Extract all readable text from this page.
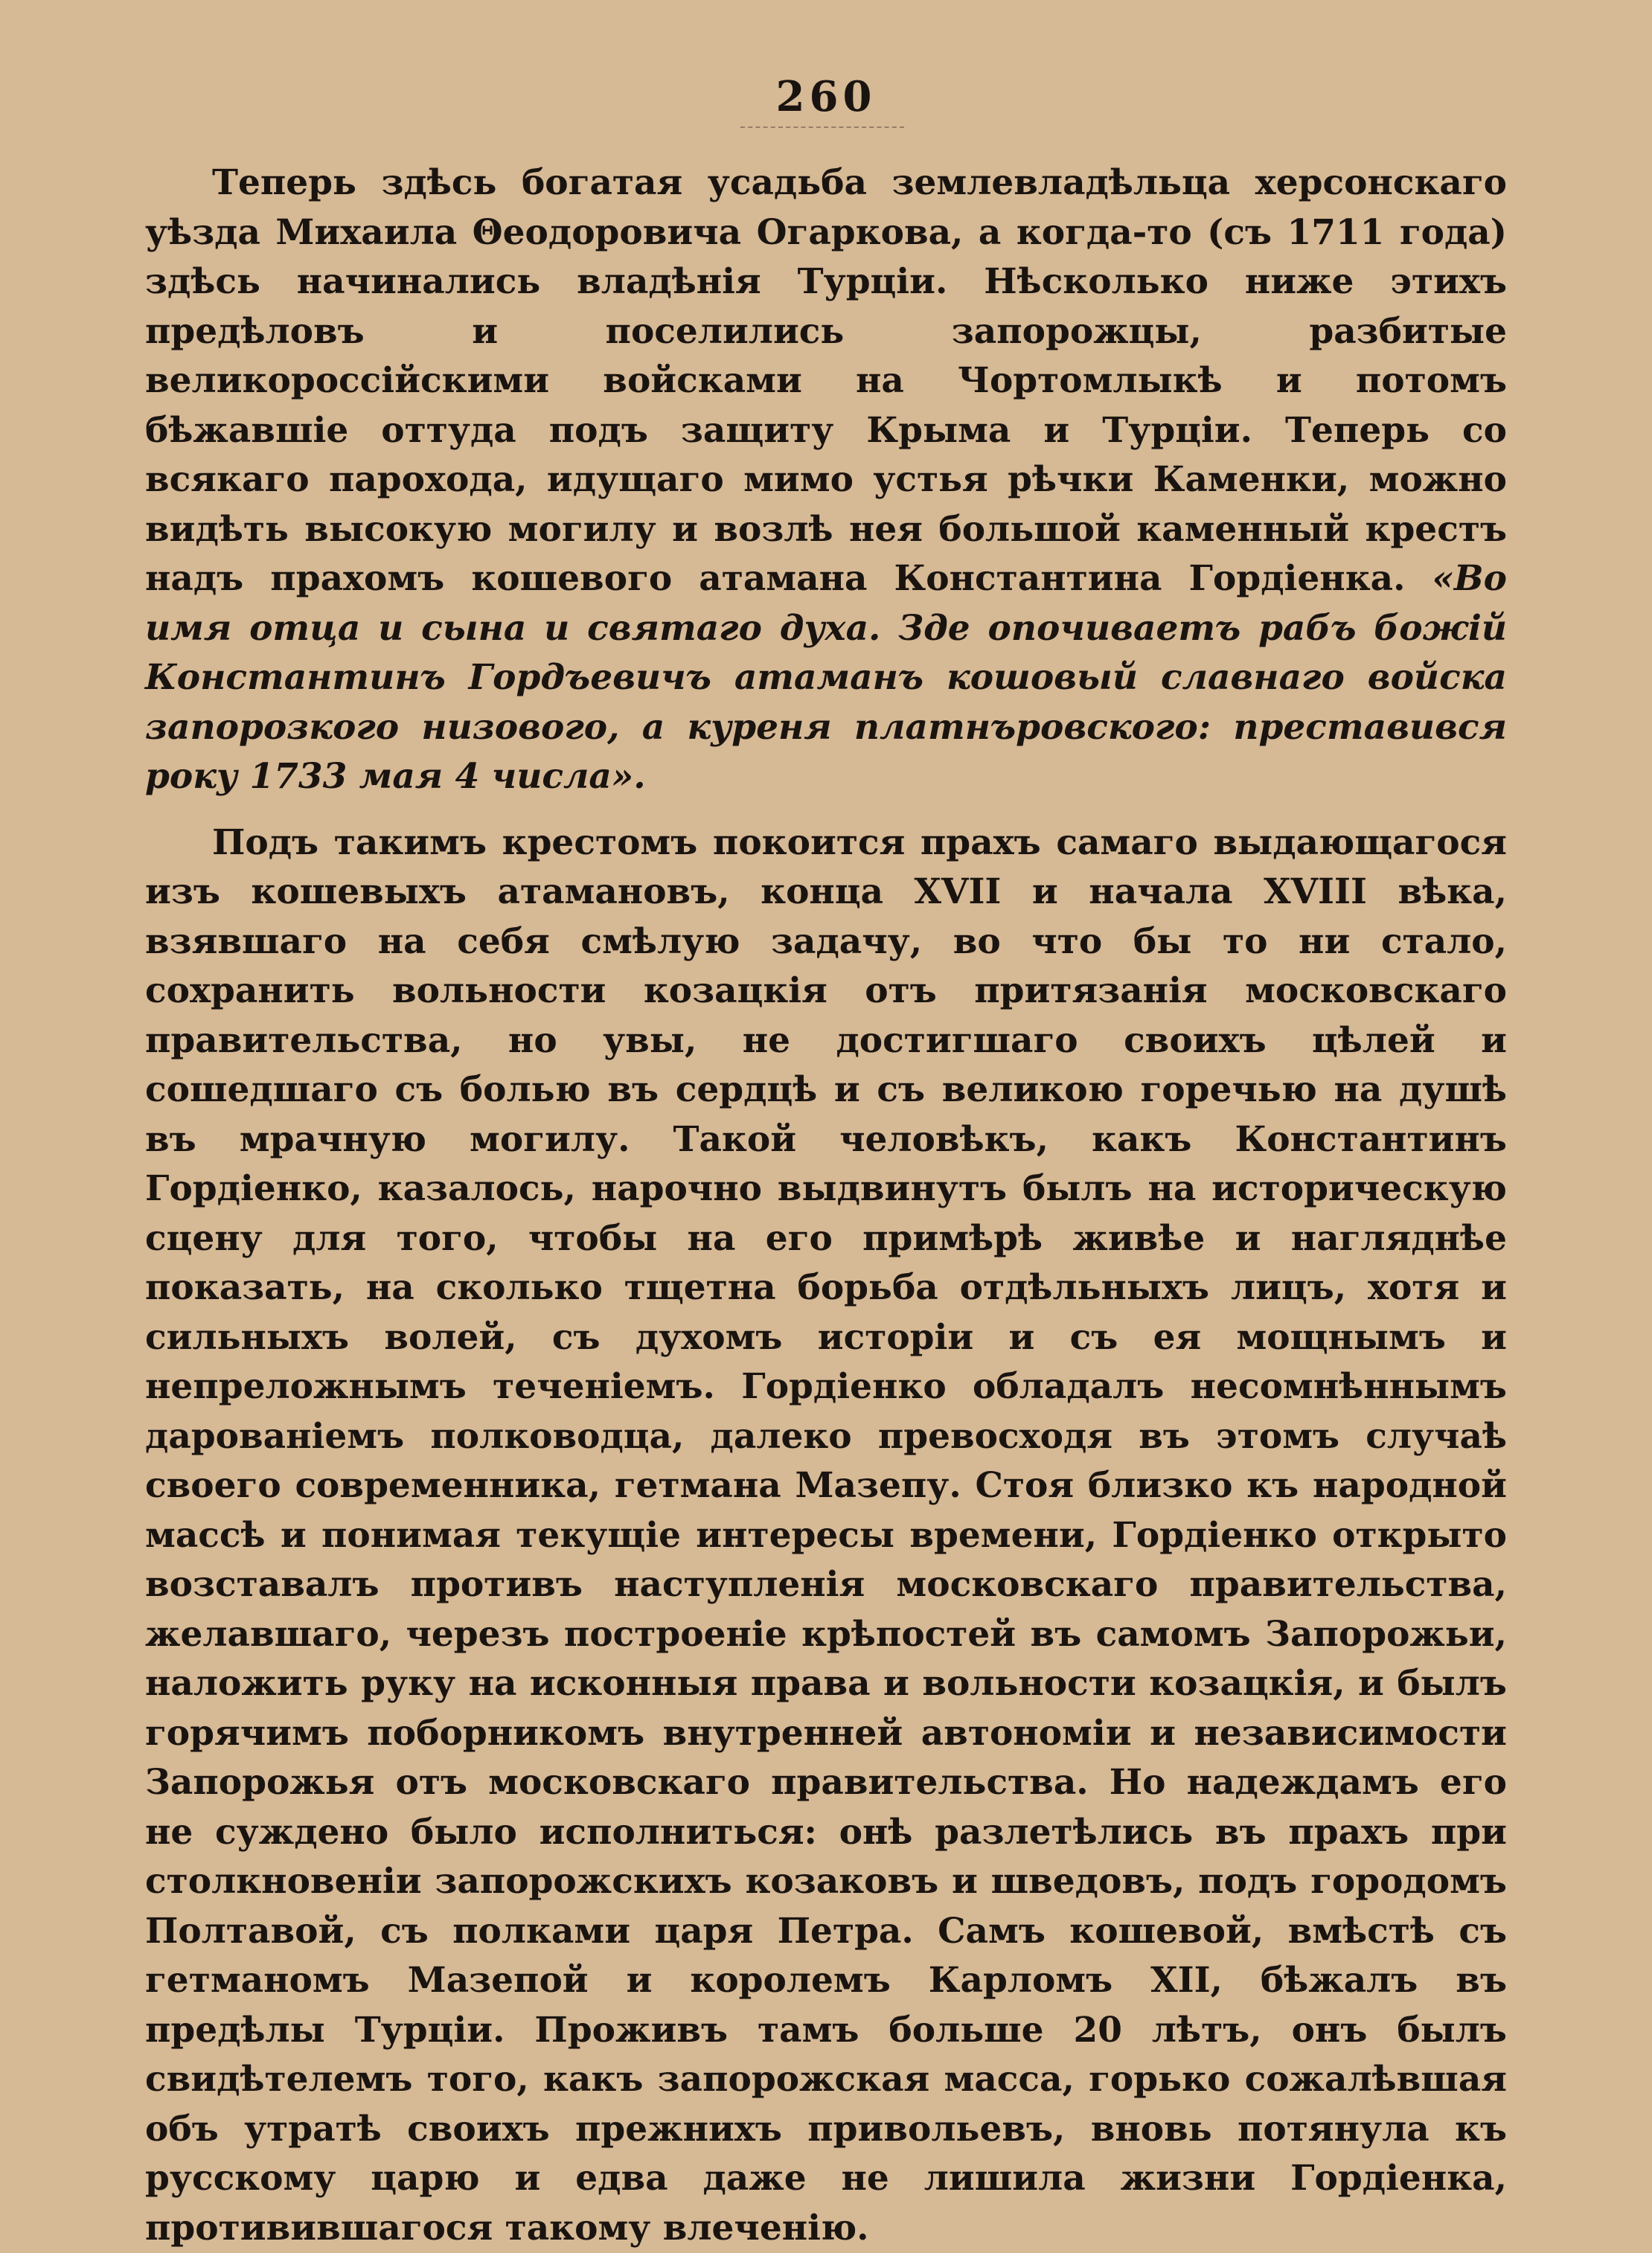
260

Теперь здѣсь богатая усадьба землевладѣльца херсонскаго уѣзда Михаила Θеодоровича Огаркова, а когда-то (съ 1711 года) здѣсь начинались владѣнія Турціи. Нѣсколько ниже этихъ предѣловъ и поселились запорожцы, разбитые великороссійскими войсками на Чортомлыкѣ и потомъ бѣжавшіе оттуда подъ защиту Крыма и Турціи. Теперь со всякаго парохода, идущаго мимо устья рѣчки Каменки, можно видѣть высокую могилу и возлѣ нея большой каменный крестъ надъ прахомъ кошевого атамана Константина Гордіенка. «Во имя отца и сына и святаго духа. Зде опочиваетъ рабъ божій Константинъ Гордъевичъ атаманъ кошовый славнаго войска запорозкого низового, а куреня платнъровского: преставився року 1733 мая 4 числа».

Подъ такимъ крестомъ покоится прахъ самаго выдающагося изъ кошевыхъ атамановъ, конца XVII и начала XVIII вѣка, взявшаго на себя смѣлую задачу, во что бы то ни стало, сохранить вольности козацкія отъ притязанія московскаго правительства, но увы, не достигшаго своихъ цѣлей и сошедшаго съ болью въ сердцѣ и съ великою горечью на душѣ въ мрачную могилу. Такой человѣкъ, какъ Константинъ Гордіенко, казалось, нарочно выдвинутъ былъ на историческую сцену для того, чтобы на его примѣрѣ живѣе и нагляднѣе показать, на сколько тщетна борьба отдѣльныхъ лицъ, хотя и сильныхъ волей, съ духомъ исторіи и съ ея мощнымъ и непреложнымъ теченіемъ. Гордіенко обладалъ несомнѣннымъ дарованіемъ полководца, далеко превосходя въ этомъ случаѣ своего современника, гетмана Мазепу. Стоя близко къ народной массѣ и понимая текущіе интересы времени, Гордіенко открыто возставалъ противъ наступленія московскаго правительства, желавшаго, черезъ построеніе крѣпостей въ самомъ Запорожьи, наложить руку на исконныя права и вольности козацкія, и былъ горячимъ поборникомъ внутренней автономіи и независимости Запорожья отъ московскаго правительства. Но надеждамъ его не суждено было исполниться: онѣ разлетѣлись въ прахъ при столкновеніи запорожскихъ козаковъ и шведовъ, подъ городомъ Полтавой, съ полками царя Петра. Самъ кошевой, вмѣстѣ съ гетманомъ Мазепой и королемъ Карломъ XII, бѣжалъ въ предѣлы Турціи. Проживъ тамъ больше 20 лѣтъ, онъ былъ свидѣтелемъ того, какъ запорожская масса, горько сожалѣвшая объ утратѣ своихъ прежнихъ привольевъ, вновь потянула къ русскому царю и едва даже не лишила жизни Гордіенка, противившагося такому влеченію.
